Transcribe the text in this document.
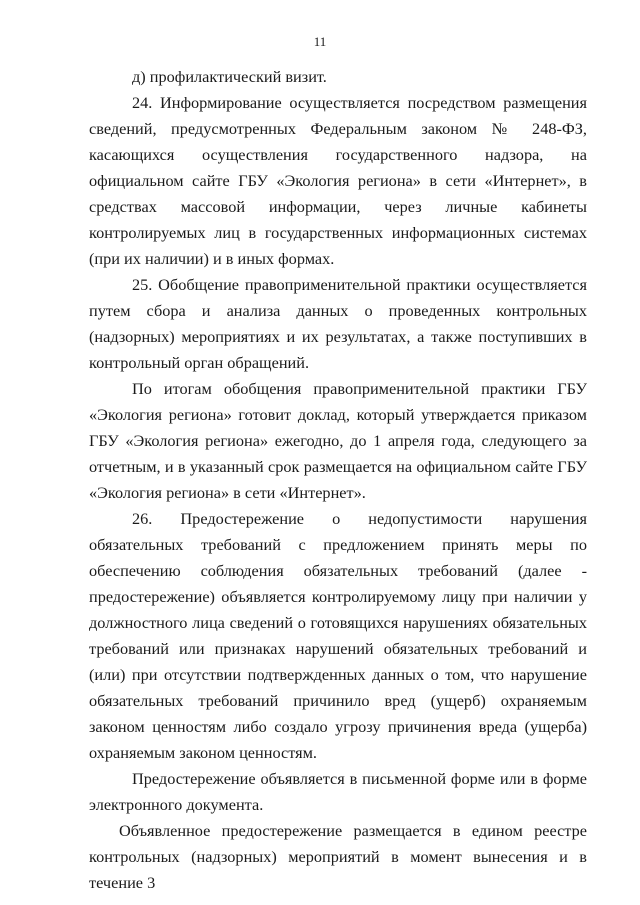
11

д) профилактический визит.

24. Информирование осуществляется посредством размещения сведений, предусмотренных Федеральным законом № 248-ФЗ, касающихся осуществления государственного надзора, на официальном сайте ГБУ «Экология региона» в сети «Интернет», в средствах массовой информации, через личные кабинеты контролируемых лиц в государственных информационных системах (при их наличии) и в иных формах.

25. Обобщение правоприменительной практики осуществляется путем сбора и анализа данных о проведенных контрольных (надзорных) мероприятиях и их результатах, а также поступивших в контрольный орган обращений.

По итогам обобщения правоприменительной практики ГБУ «Экология региона» готовит доклад, который утверждается приказом ГБУ «Экология региона» ежегодно, до 1 апреля года, следующего за отчетным, и в указанный срок размещается на официальном сайте ГБУ «Экология региона» в сети «Интернет».

26. Предостережение о недопустимости нарушения обязательных требований с предложением принять меры по обеспечению соблюдения обязательных требований (далее - предостережение) объявляется контролируемому лицу при наличии у должностного лица сведений о готовящихся нарушениях обязательных требований или признаках нарушений обязательных требований и (или) при отсутствии подтвержденных данных о том, что нарушение обязательных требований причинило вред (ущерб) охраняемым законом ценностям либо создало угрозу причинения вреда (ущерба) охраняемым законом ценностям.

Предостережение объявляется в письменной форме или в форме электронного документа.

Объявленное предостережение размещается в едином реестре контрольных (надзорных) мероприятий в момент вынесения и в течение 3
